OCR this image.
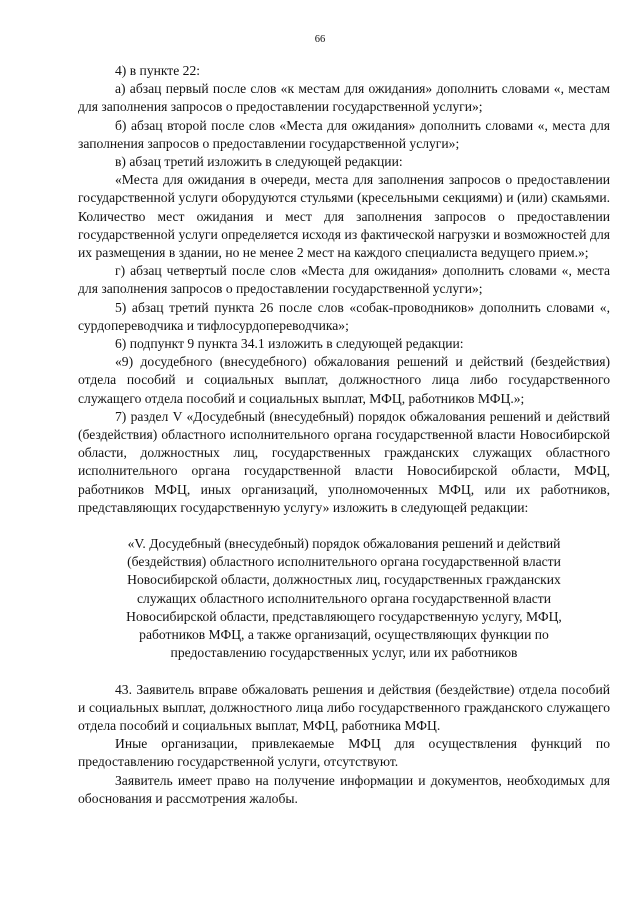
66

4) в пункте 22:

а) абзац первый после слов «к местам для ожидания» дополнить словами «, местам для заполнения запросов о предоставлении государственной услуги»;

б) абзац второй после слов «Места для ожидания» дополнить словами «, места для заполнения запросов о предоставлении государственной услуги»;

в) абзац третий изложить в следующей редакции:

«Места для ожидания в очереди, места для заполнения запросов о предоставлении государственной услуги оборудуются стульями (кресельными секциями) и (или) скамьями. Количество мест ожидания и мест для заполнения запросов о предоставлении государственной услуги определяется исходя из фактической нагрузки и возможностей для их размещения в здании, но не менее 2 мест на каждого специалиста ведущего прием.»;

г) абзац четвертый после слов «Места для ожидания» дополнить словами «, места для заполнения запросов о предоставлении государственной услуги»;

5) абзац третий пункта 26 после слов «собак-проводников» дополнить словами «, сурдопереводчика и тифлосурдопереводчика»;

6) подпункт 9 пункта 34.1 изложить в следующей редакции:

«9) досудебного (внесудебного) обжалования решений и действий (бездействия) отдела пособий и социальных выплат, должностного лица либо государственного служащего отдела пособий и социальных выплат, МФЦ, работников МФЦ.»;

7) раздел V «Досудебный (внесудебный) порядок обжалования решений и действий (бездействия) областного исполнительного органа государственной власти Новосибирской области, должностных лиц, государственных гражданских служащих областного исполнительного органа государственной власти Новосибирской области, МФЦ, работников МФЦ, иных организаций, уполномоченных МФЦ, или их работников, представляющих государственную услугу» изложить в следующей редакции:

«V. Досудебный (внесудебный) порядок обжалования решений и действий (бездействия) областного исполнительного органа государственной власти Новосибирской области, должностных лиц, государственных гражданских служащих областного исполнительного органа государственной власти Новосибирской области, представляющего государственную услугу, МФЦ, работников МФЦ, а также организаций, осуществляющих функции по предоставлению государственных услуг, или их работников

43. Заявитель вправе обжаловать решения и действия (бездействие) отдела пособий и социальных выплат, должностного лица либо государственного гражданского служащего отдела пособий и социальных выплат, МФЦ, работника МФЦ.

Иные организации, привлекаемые МФЦ для осуществления функций по предоставлению государственной услуги, отсутствуют.

Заявитель имеет право на получение информации и документов, необходимых для обоснования и рассмотрения жалобы.
